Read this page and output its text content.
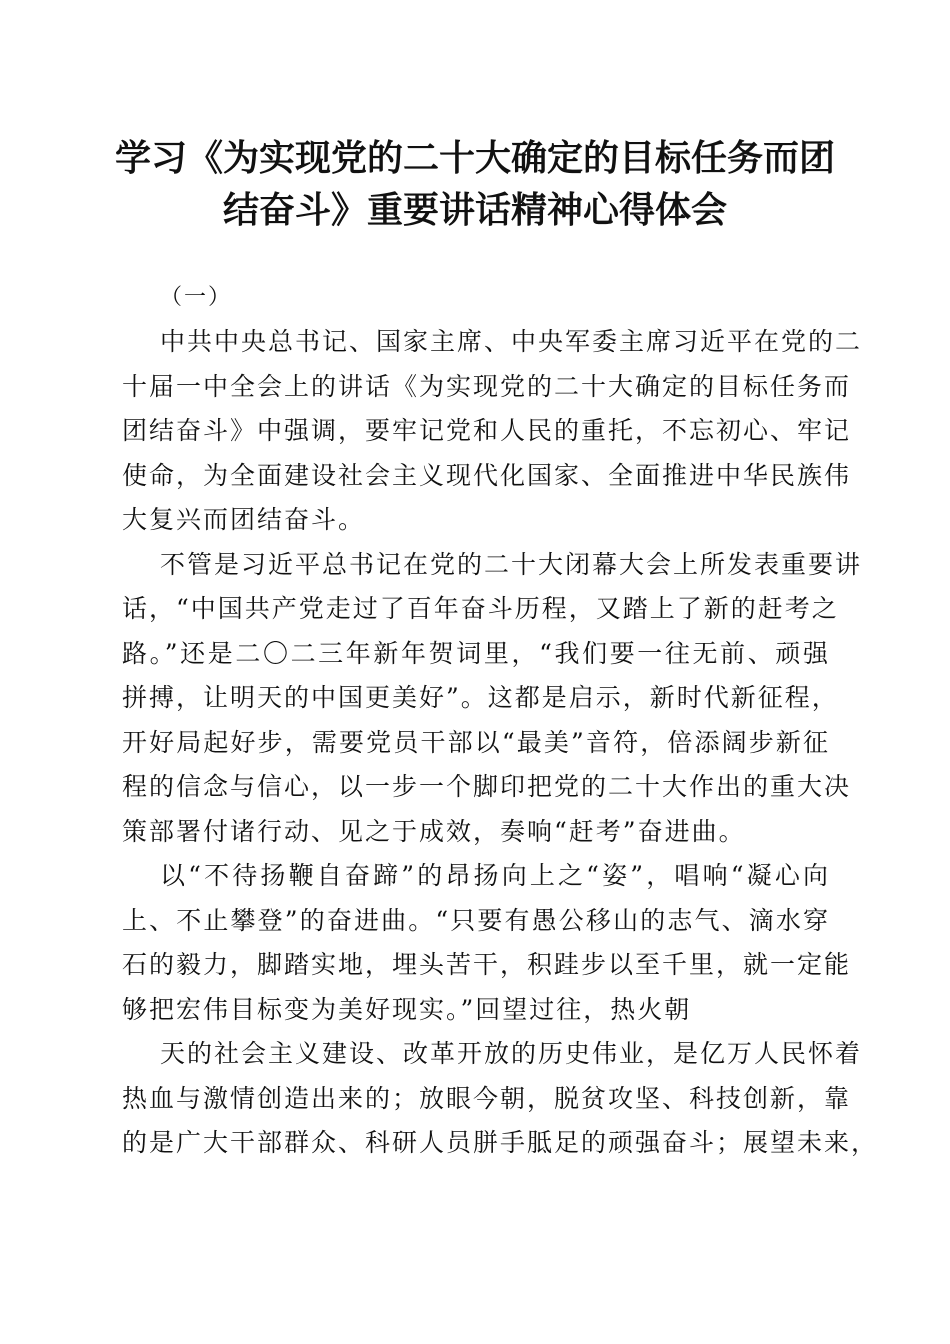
学习《为实现党的二十大确定的目标任务而团
结奋斗》重要讲话精神心得体会
（一）
中共中央总书记、国家主席、中央军委主席习近平在党的二
十届一中全会上的讲话《为实现党的二十大确定的目标任务而
团结奋斗》中强调，要牢记党和人民的重托，不忘初心、牢记
使命，为全面建设社会主义现代化国家、全面推进中华民族伟
大复兴而团结奋斗。
不管是习近平总书记在党的二十大闭幕大会上所发表重要讲
话，“中国共产党走过了百年奋斗历程，又踏上了新的赶考之
路。”还是二〇二三年新年贺词里，“我们要一往无前、顽强
拼搏，让明天的中国更美好”。这都是启示，新时代新征程，
开好局起好步，需要党员干部以“最美”音符，倍添阔步新征
程的信念与信心，以一步一个脚印把党的二十大作出的重大决
策部署付诸行动、见之于成效，奏响“赶考”奋进曲。
以“不待扬鞭自奋蹄”的昂扬向上之“姿”，唱响“凝心向
上、不止攀登”的奋进曲。“只要有愚公移山的志气、滴水穿
石的毅力，脚踏实地，埋头苦干，积跬步以至千里，就一定能
够把宏伟目标变为美好现实。”回望过往，热火朝
天的社会主义建设、改革开放的历史伟业，是亿万人民怀着
热血与激情创造出来的；放眼今朝，脱贫攻坚、科技创新，靠
的是广大干部群众、科研人员胼手胝足的顽强奋斗；展望未来，
